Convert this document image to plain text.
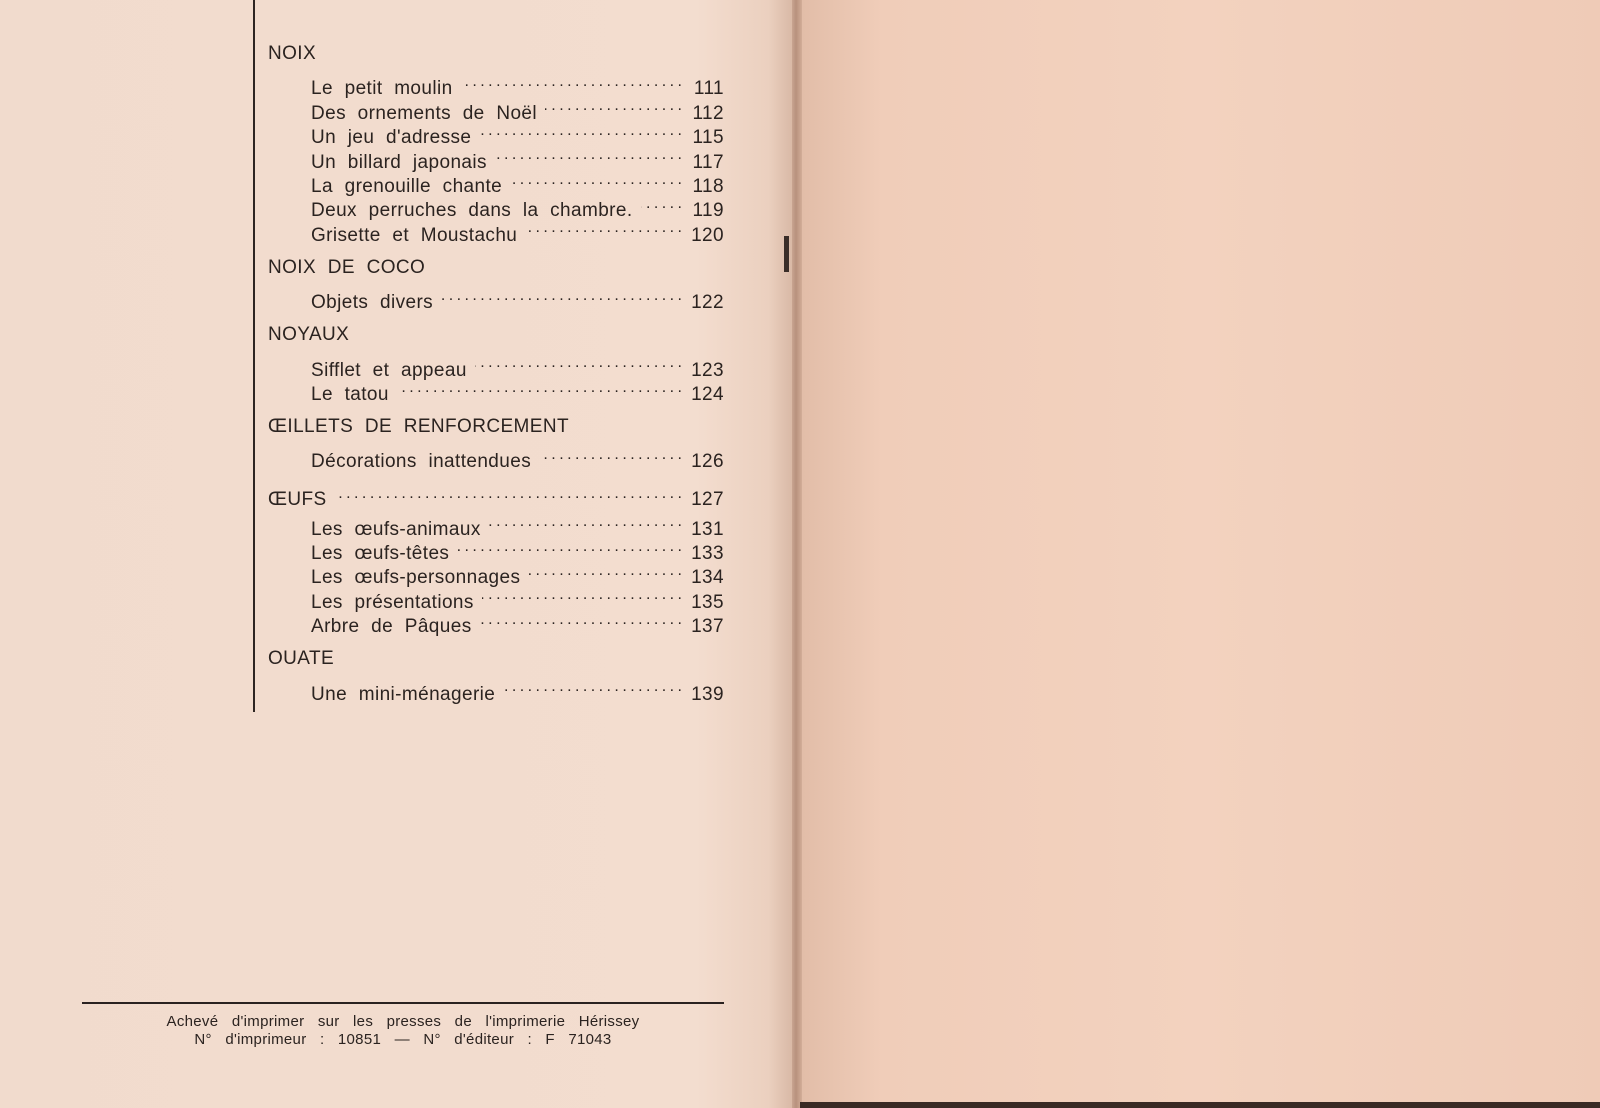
NOIX
Le petit moulin . . .	111
Des ornements de Noël . . .	112
Un jeu d'adresse . . .	115
Un billard japonais . . .	117
La grenouille chante . . .	118
Deux perruches dans la chambre. . . .	119
Grisette et Moustachu . . .	120
NOIX DE COCO
Objets divers . . .	122
NOYAUX
Sifflet et appeau . . .	123
Le tatou . . .	124
ŒILLETS DE RENFORCEMENT
Décorations inattendues . . .	126
ŒUFS . . .	127
Les œufs-animaux . . .	131
Les œufs-têtes . . .	133
Les œufs-personnages . . .	134
Les présentations . . .	135
Arbre de Pâques . . .	137
OUATE
Une mini-ménagerie . . .	139
Achevé d'imprimer sur les presses de l'imprimerie Hérissey
N° d'imprimeur : 10851 — N° d'éditeur : F 71043
